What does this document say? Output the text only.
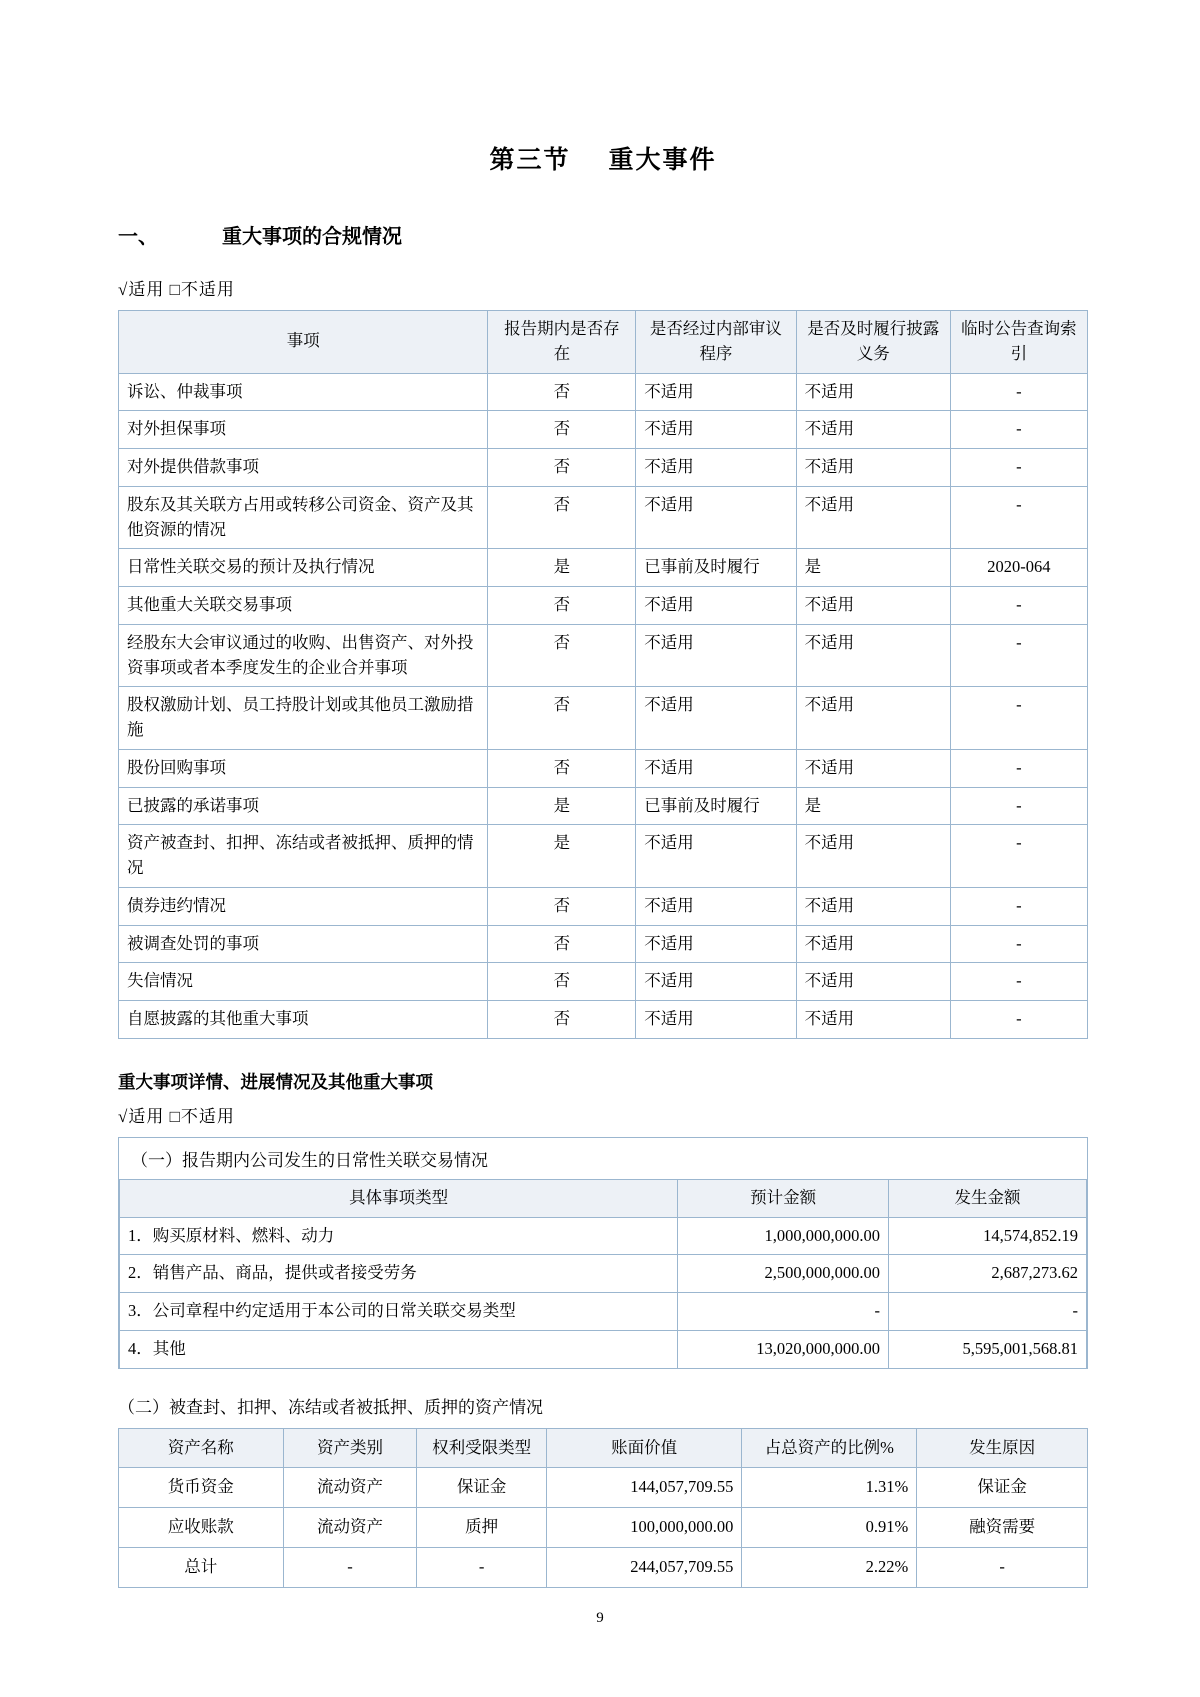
第三节 重大事件
一、	重大事项的合规情况
√适用 □不适用
事项	报告期内是否存在	是否经过内部审议程序	是否及时履行披露义务	临时公告查询索引
诉讼、仲裁事项	否	不适用	不适用	-
对外担保事项	否	不适用	不适用	-
对外提供借款事项	否	不适用	不适用	-
股东及其关联方占用或转移公司资金、资产及其他资源的情况	否	不适用	不适用	-
日常性关联交易的预计及执行情况	是	已事前及时履行	是	2020-064
其他重大关联交易事项	否	不适用	不适用	-
经股东大会审议通过的收购、出售资产、对外投资事项或者本季度发生的企业合并事项	否	不适用	不适用	-
股权激励计划、员工持股计划或其他员工激励措施	否	不适用	不适用	-
股份回购事项	否	不适用	不适用	-
已披露的承诺事项	是	已事前及时履行	是	-
资产被查封、扣押、冻结或者被抵押、质押的情况	是	不适用	不适用	-
债券违约情况	否	不适用	不适用	-
被调查处罚的事项	否	不适用	不适用	-
失信情况	否	不适用	不适用	-
自愿披露的其他重大事项	否	不适用	不适用	-
重大事项详情、进展情况及其他重大事项
√适用 □不适用
（一）报告期内公司发生的日常性关联交易情况
具体事项类型	预计金额	发生金额
1．购买原材料、燃料、动力	1,000,000,000.00	14,574,852.19
2．销售产品、商品，提供或者接受劳务	2,500,000,000.00	2,687,273.62
3．公司章程中约定适用于本公司的日常关联交易类型	-	-
4．其他	13,020,000,000.00	5,595,001,568.81
（二）被查封、扣押、冻结或者被抵押、质押的资产情况
资产名称	资产类别	权利受限类型	账面价值	占总资产的比例%	发生原因
货币资金	流动资产	保证金	144,057,709.55	1.31%	保证金
应收账款	流动资产	质押	100,000,000.00	0.91%	融资需要
总计	-	-	244,057,709.55	2.22%	-
9
